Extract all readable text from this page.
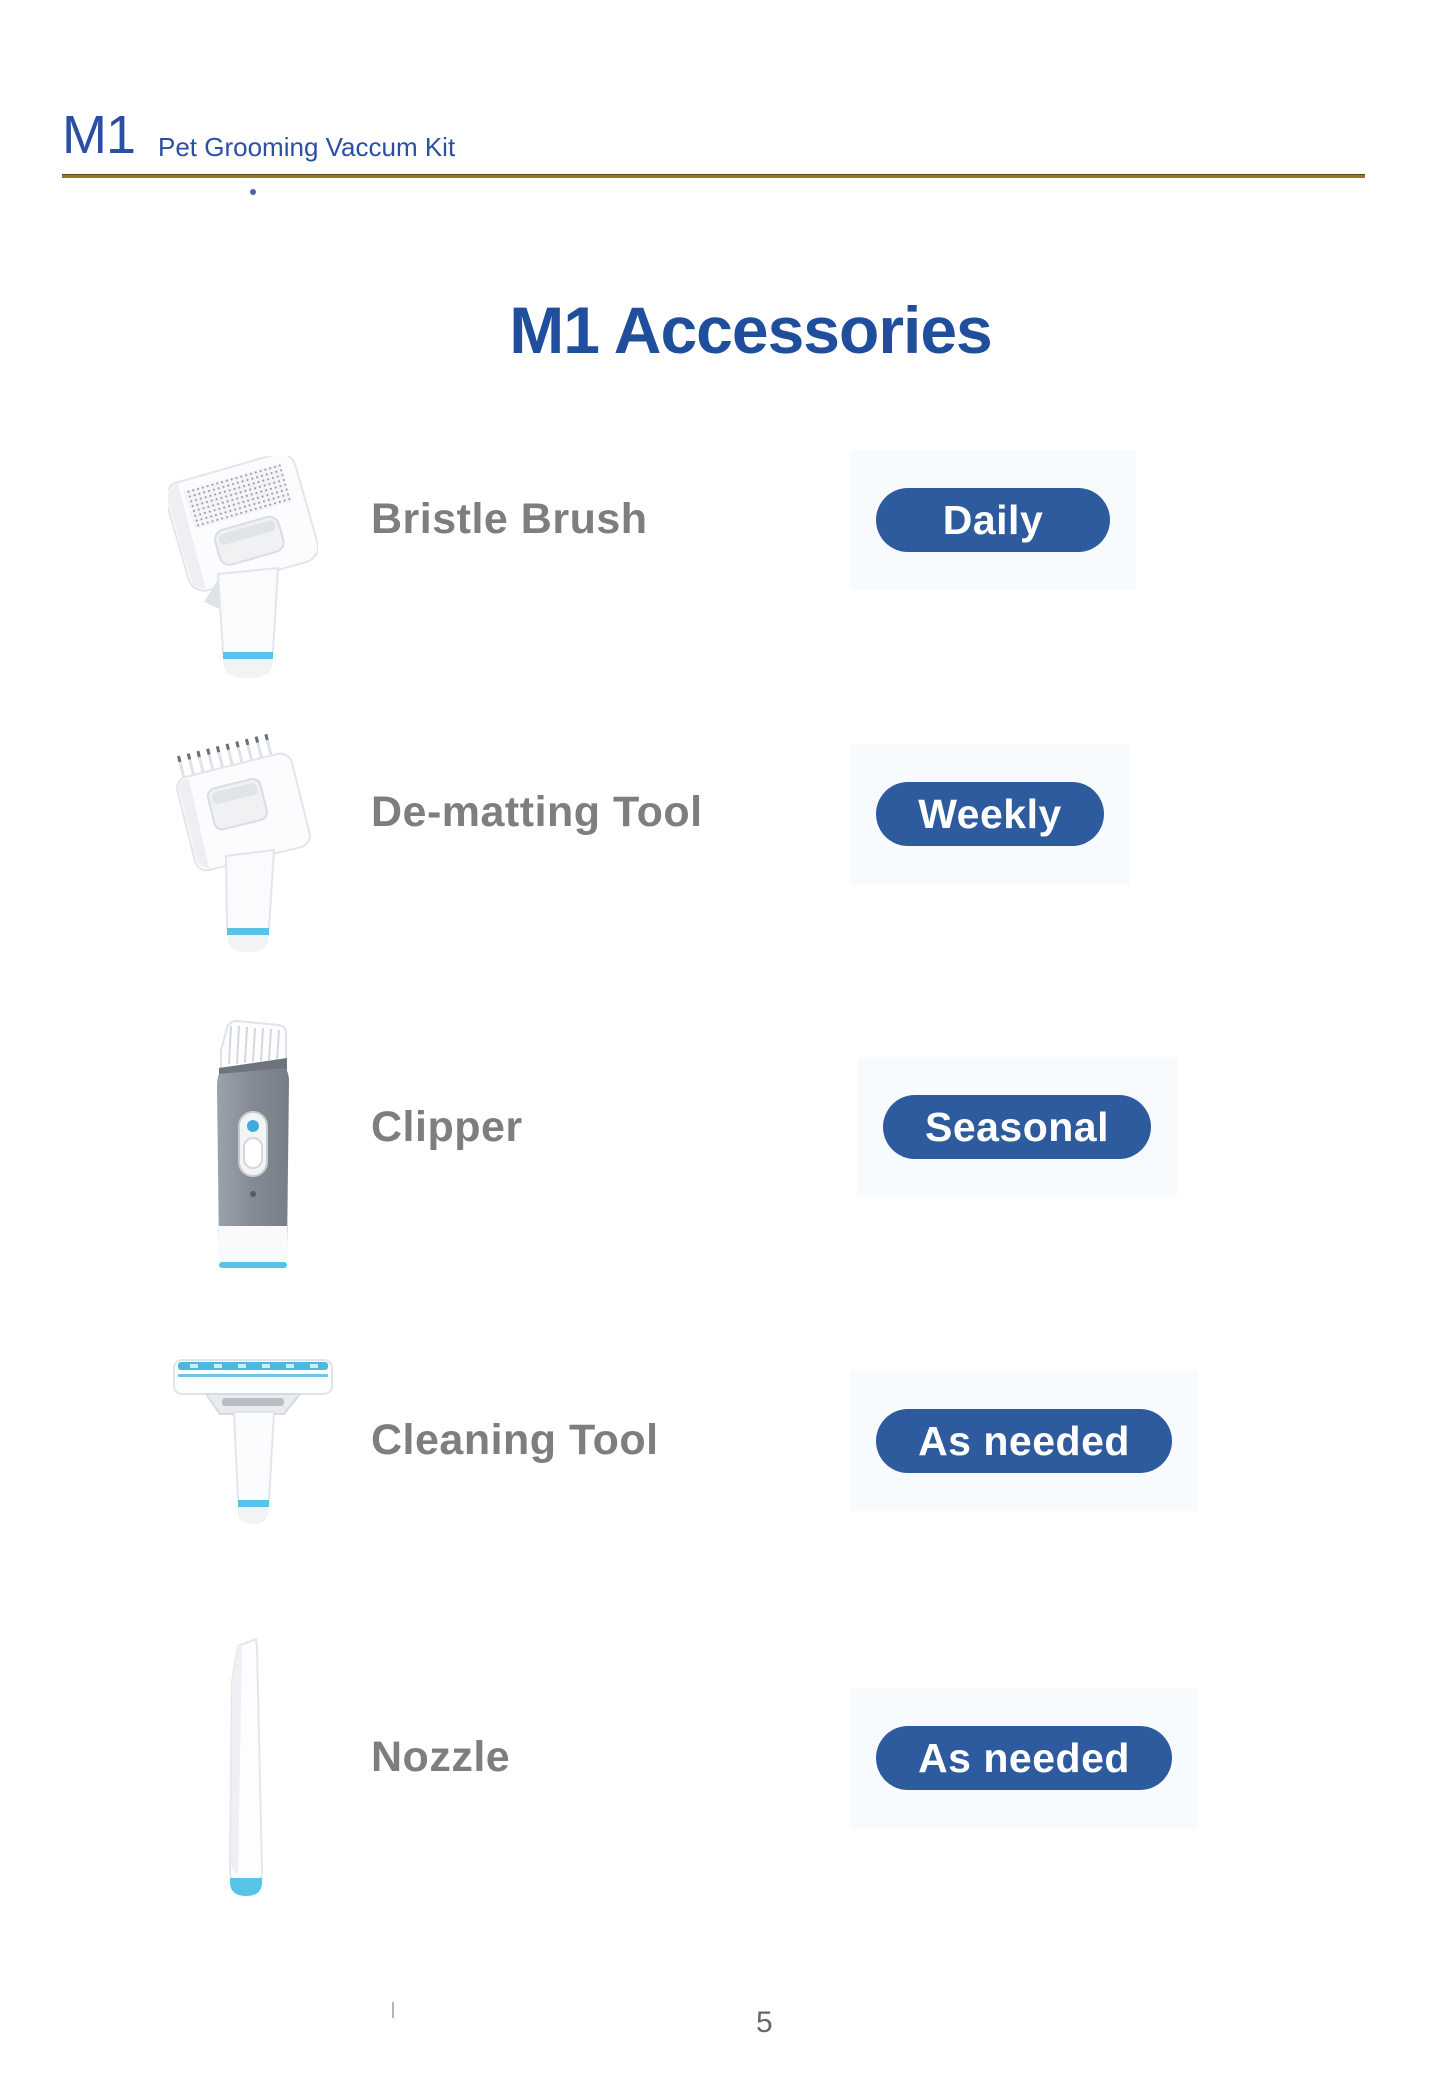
M1 Pet Grooming Vaccum Kit
M1 Accessories
Bristle Brush	Daily
De-matting Tool	Weekly
Clipper	Seasonal
Cleaning Tool	As needed
Nozzle	As needed
5
